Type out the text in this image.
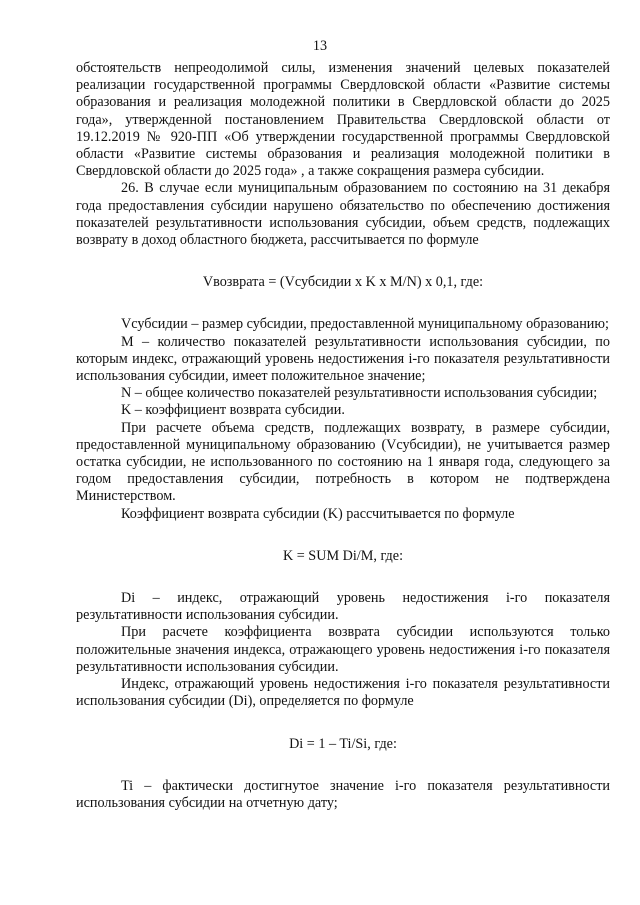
13

обстоятельств непреодолимой силы, изменения значений целевых показателей реализации государственной программы Свердловской области «Развитие системы образования и реализация молодежной политики в Свердловской области до 2025 года», утвержденной постановлением Правительства Свердловской области от 19.12.2019 № 920-ПП «Об утверждении государственной программы Свердловской области «Развитие системы образования и реализация молодежной политики в Свердловской области до 2025 года» , а также сокращения размера субсидии.

26. В случае если муниципальным образованием по состоянию на 31 декабря года предоставления субсидии нарушено обязательство по обеспечению достижения показателей результативности использования субсидии, объем средств, подлежащих возврату в доход областного бюджета, рассчитывается по формуле

Vвозврата = (Vсубсидии x K x M/N) x 0,1, где:

Vсубсидии – размер субсидии, предоставленной муниципальному образованию;

M – количество показателей результативности использования субсидии, по которым индекс, отражающий уровень недостижения i-го показателя результативности использования субсидии, имеет положительное значение;

N – общее количество показателей результативности использования субсидии;

K – коэффициент возврата субсидии.

При расчете объема средств, подлежащих возврату, в размере субсидии, предоставленной муниципальному образованию (Vсубсидии), не учитывается размер остатка субсидии, не использованного по состоянию на 1 января года, следующего за годом предоставления субсидии, потребность в котором не подтверждена Министерством.

Коэффициент возврата субсидии (K) рассчитывается по формуле

K = SUM Di/M, где:

Di – индекс, отражающий уровень недостижения i-го показателя результативности использования субсидии.

При расчете коэффициента возврата субсидии используются только положительные значения индекса, отражающего уровень недостижения i-го показателя результативности использования субсидии.

Индекс, отражающий уровень недостижения i-го показателя результативности использования субсидии (Di), определяется по формуле

Di = 1 – Ti/Si, где:

Ti – фактически достигнутое значение i-го показателя результативности использования субсидии на отчетную дату;
